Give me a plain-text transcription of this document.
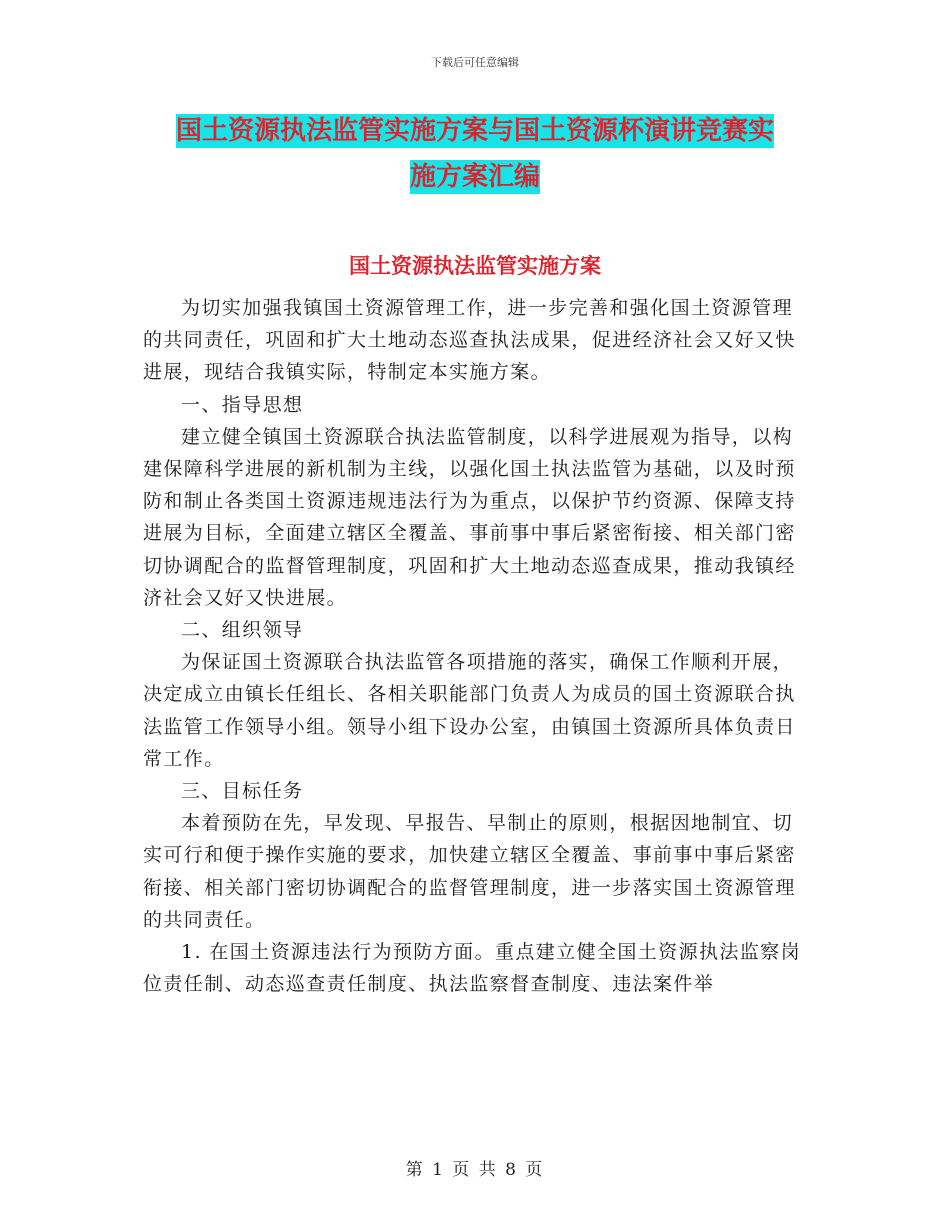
下载后可任意编辑
国土资源执法监管实施方案与国土资源杯演讲竞赛实
施方案汇编
国土资源执法监管实施方案

为切实加强我镇国土资源管理工作，进一步完善和强化国土资源管理的共同责任，巩固和扩大土地动态巡查执法成果，促进经济社会又好又快进展，现结合我镇实际，特制定本实施方案。

一、指导思想

建立健全镇国土资源联合执法监管制度，以科学进展观为指导，以构建保障科学进展的新机制为主线，以强化国土执法监管为基础，以及时预防和制止各类国土资源违规违法行为为重点，以保护节约资源、保障支持进展为目标，全面建立辖区全覆盖、事前事中事后紧密衔接、相关部门密切协调配合的监督管理制度，巩固和扩大土地动态巡查成果，推动我镇经济社会又好又快进展。

二、组织领导

为保证国土资源联合执法监管各项措施的落实，确保工作顺利开展，决定成立由镇长任组长、各相关职能部门负责人为成员的国土资源联合执法监管工作领导小组。领导小组下设办公室，由镇国土资源所具体负责日常工作。

三、目标任务

本着预防在先，早发现、早报告、早制止的原则，根据因地制宜、切实可行和便于操作实施的要求，加快建立辖区全覆盖、事前事中事后紧密衔接、相关部门密切协调配合的监督管理制度，进一步落实国土资源管理的共同责任。

1. 在国土资源违法行为预防方面。重点建立健全国土资源执法监察岗位责任制、动态巡查责任制度、执法监察督查制度、违法案件举

第 1 页 共 8 页
